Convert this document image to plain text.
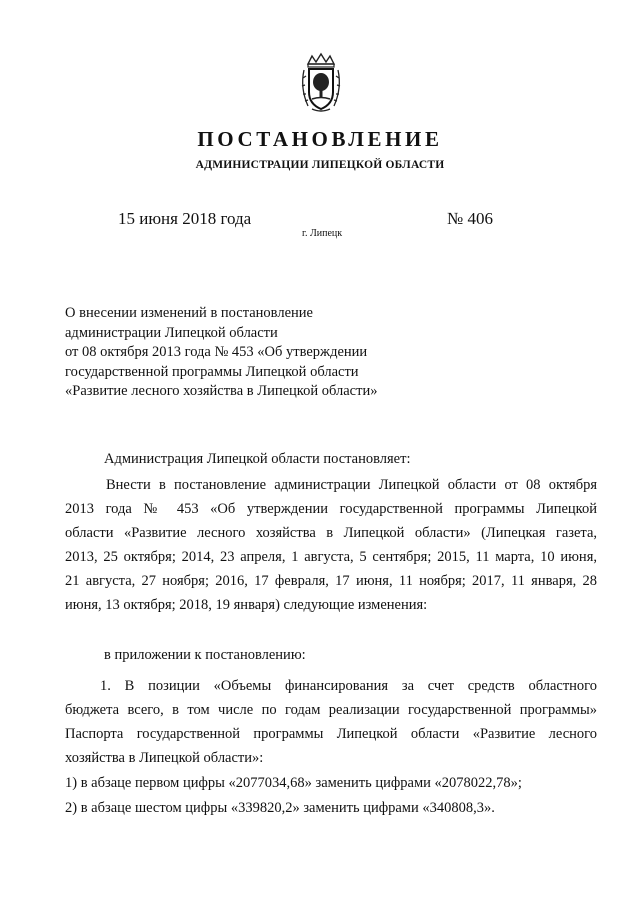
ПОСТАНОВЛЕНИЕ
АДМИНИСТРАЦИИ ЛИПЕЦКОЙ ОБЛАСТИ
15 июня 2018 года
г. Липецк
№ 406
О внесении изменений в постановление
администрации Липецкой области
от 08 октября 2013 года № 453 «Об утверждении
государственной программы Липецкой области
«Развитие лесного хозяйства в Липецкой области»
Администрация Липецкой области постановляет:
Внести в постановление администрации Липецкой области от 08 октября
2013 года № 453 «Об утверждении государственной программы Липецкой
области «Развитие лесного хозяйства в Липецкой области» (Липецкая газета,
2013, 25 октября; 2014, 23 апреля, 1 августа, 5 сентября; 2015, 11 марта, 10 июня,
21 августа, 27 ноября; 2016, 17 февраля, 17 июня, 11 ноября; 2017, 11 января, 28
июня, 13 октября; 2018, 19 января) следующие изменения:
в приложении к постановлению:
1. В позиции «Объемы финансирования за счет средств областного
бюджета всего, в том числе по годам реализации государственной программы»
Паспорта государственной программы Липецкой области «Развитие лесного
хозяйства в Липецкой области»:
1) в абзаце первом цифры «2077034,68» заменить цифрами «2078022,78»;
2) в абзаце шестом цифры «339820,2» заменить цифрами «340808,3».
